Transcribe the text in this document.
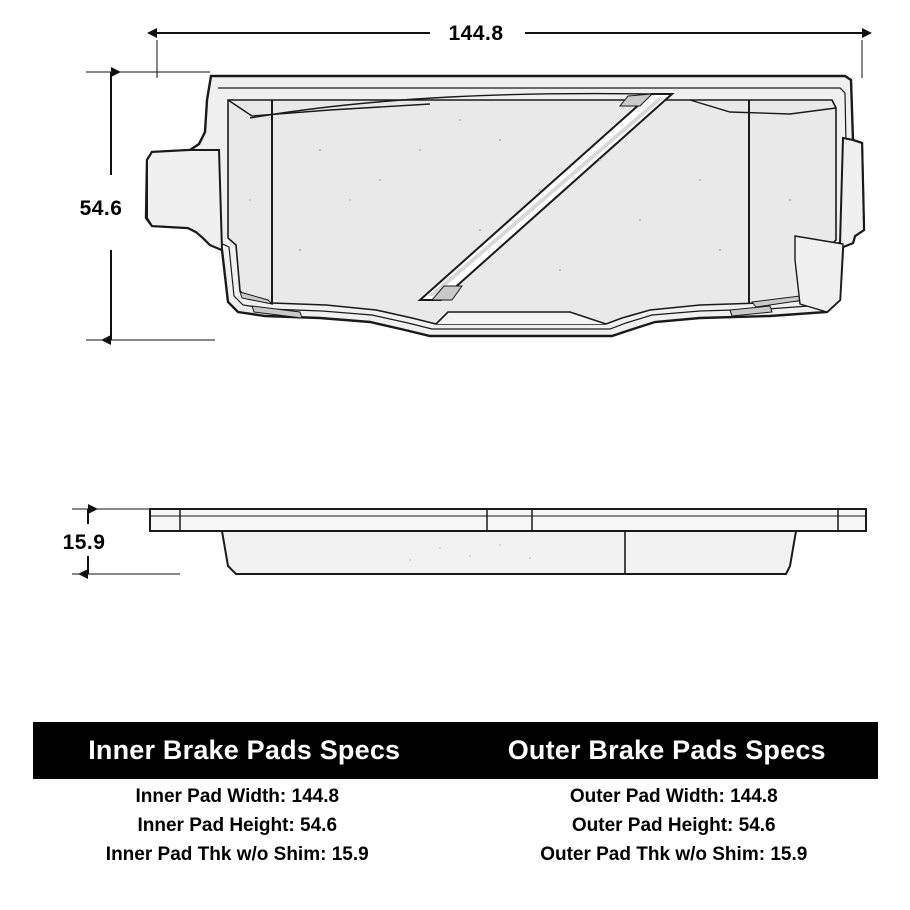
144.8
54.6
15.9
Inner Brake Pads Specs	Outer Brake Pads Specs
Inner Pad Width: 144.8	Outer Pad Width: 144.8
Inner Pad Height: 54.6	Outer Pad Height: 54.6
Inner Pad Thk w/o Shim: 15.9	Outer Pad Thk w/o Shim: 15.9
